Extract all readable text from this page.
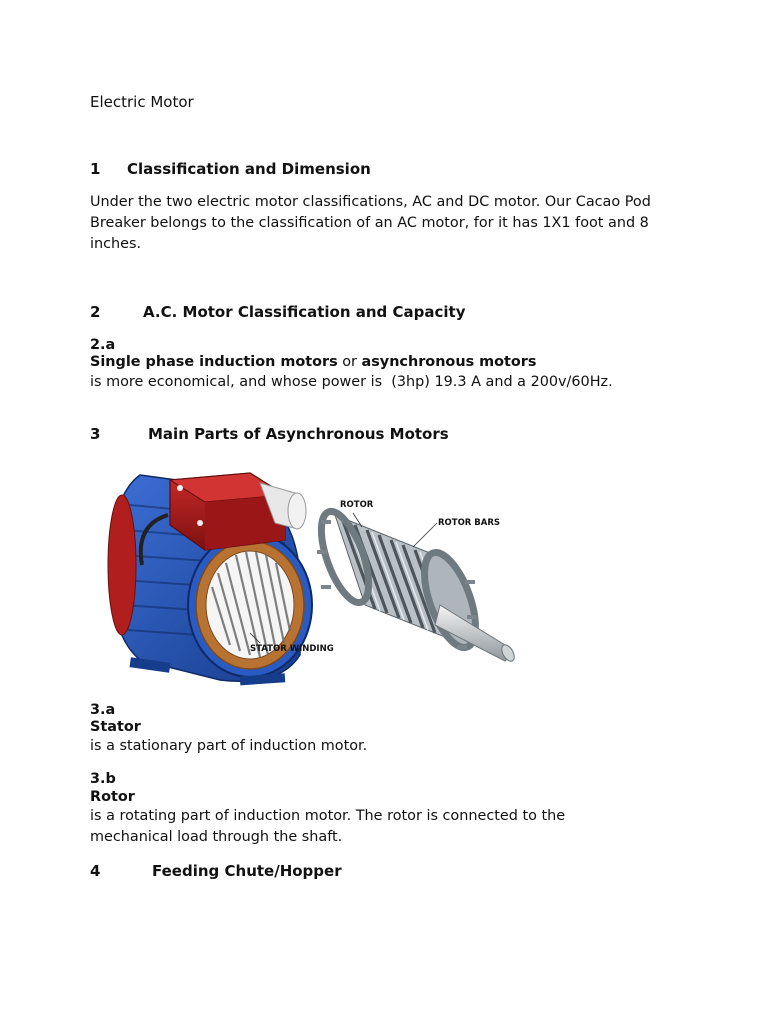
Electric Motor
1 Classification and Dimension
Under the two electric motor classifications, AC and DC motor. Our Cacao Pod
Breaker belongs to the classification of an AC motor, for it has 1X1 foot and 8
inches.
2	A.C. Motor Classification and Capacity
2.a
Single phase induction motors or asynchronous motors
is more economical, and whose power is  (3hp) 19.3 A and a 200v/60Hz.
3	Main Parts of Asynchronous Motors
ROTOR
ROTOR BARS
STATOR WINDING
3.a
Stator
is a stationary part of induction motor.
3.b
Rotor
is a rotating part of induction motor. The rotor is connected to the
mechanical load through the shaft.
4	Feeding Chute/Hopper
